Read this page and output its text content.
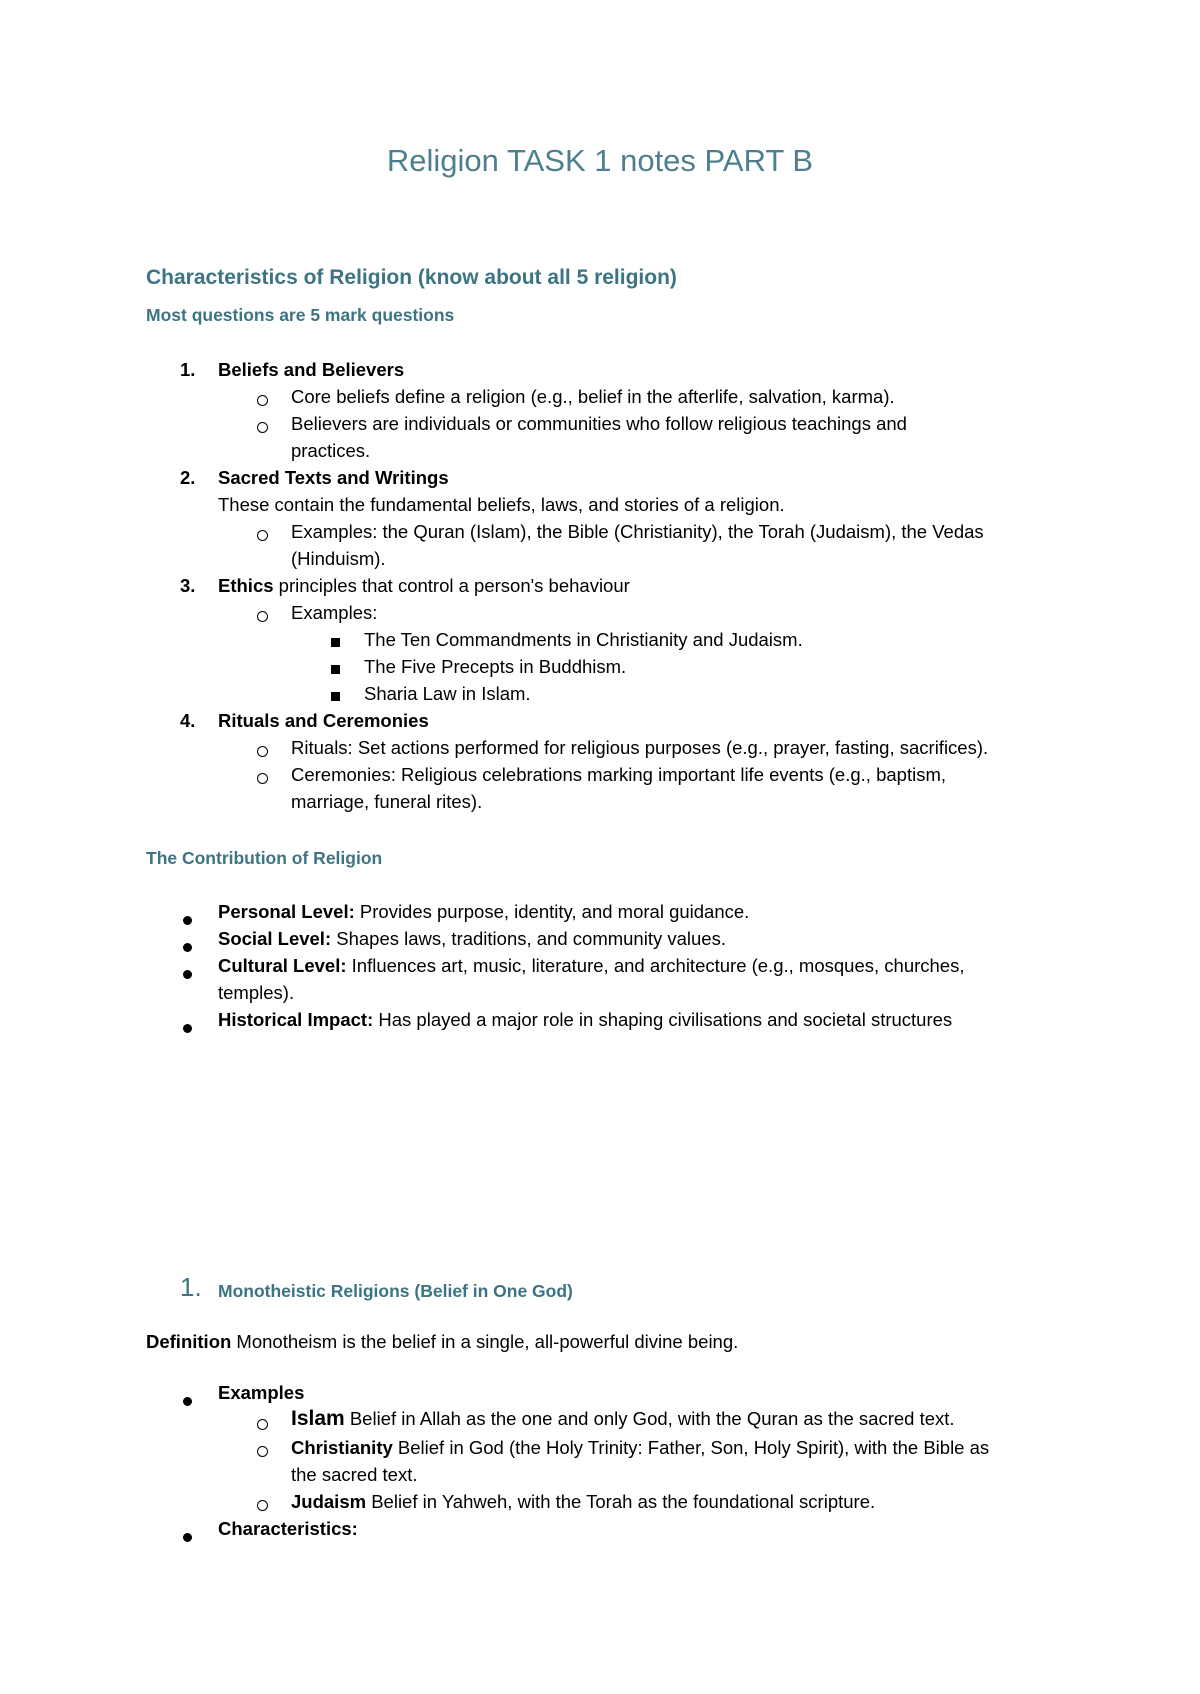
Religion TASK 1 notes PART B
Characteristics of Religion (know about all 5 religion)
Most questions are 5 mark questions
1. Beliefs and Believers
Core beliefs define a religion (e.g., belief in the afterlife, salvation, karma).
Believers are individuals or communities who follow religious teachings and
practices.
2. Sacred Texts and Writings
These contain the fundamental beliefs, laws, and stories of a religion.
Examples: the Quran (Islam), the Bible (Christianity), the Torah (Judaism), the Vedas
(Hinduism).
3. Ethics principles that control a person's behaviour
Examples:
The Ten Commandments in Christianity and Judaism.
The Five Precepts in Buddhism.
Sharia Law in Islam.
4. Rituals and Ceremonies
Rituals: Set actions performed for religious purposes (e.g., prayer, fasting, sacrifices).
Ceremonies: Religious celebrations marking important life events (e.g., baptism,
marriage, funeral rites).
The Contribution of Religion
Personal Level: Provides purpose, identity, and moral guidance.
Social Level: Shapes laws, traditions, and community values.
Cultural Level: Influences art, music, literature, and architecture (e.g., mosques, churches,
temples).
Historical Impact: Has played a major role in shaping civilisations and societal structures
1. Monotheistic Religions (Belief in One God)
Definition Monotheism is the belief in a single, all-powerful divine being.
Examples
Islam Belief in Allah as the one and only God, with the Quran as the sacred text.
Christianity Belief in God (the Holy Trinity: Father, Son, Holy Spirit), with the Bible as
the sacred text.
Judaism Belief in Yahweh, with the Torah as the foundational scripture.
Characteristics:
